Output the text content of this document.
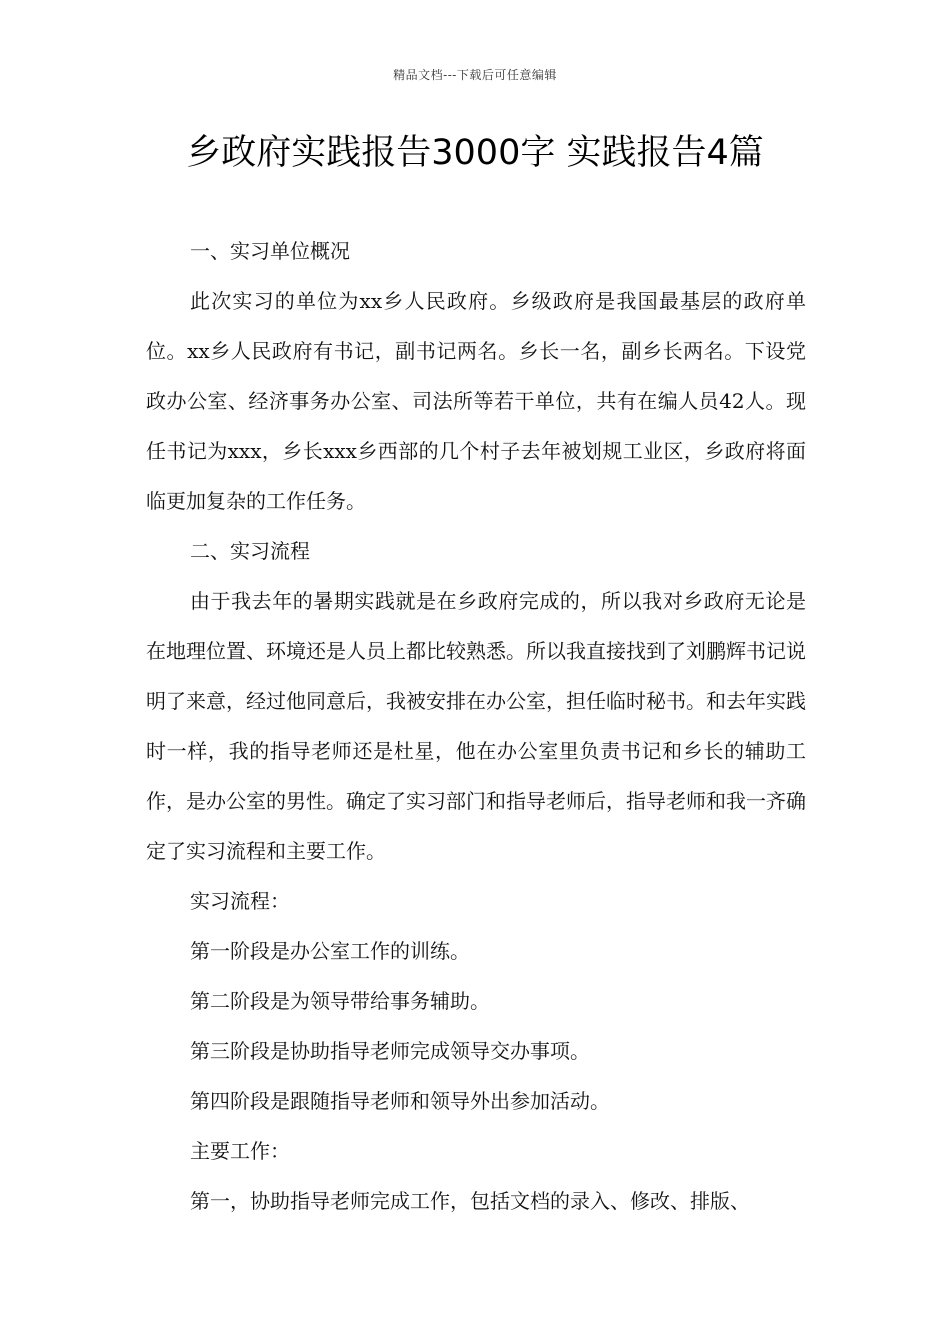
精品文档---下载后可任意编辑
乡政府实践报告3000字 实践报告4篇

一、实习单位概况

此次实习的单位为xx乡人民政府。乡级政府是我国最基层的政府单位。xx乡人民政府有书记，副书记两名。乡长一名，副乡长两名。下设党政办公室、经济事务办公室、司法所等若干单位，共有在编人员42人。现任书记为xxx，乡长xxx乡西部的几个村子去年被划规工业区，乡政府将面临更加复杂的工作任务。

二、实习流程

由于我去年的暑期实践就是在乡政府完成的，所以我对乡政府无论是在地理位置、环境还是人员上都比较熟悉。所以我直接找到了刘鹏辉书记说明了来意，经过他同意后，我被安排在办公室，担任临时秘书。和去年实践时一样，我的指导老师还是杜星，他在办公室里负责书记和乡长的辅助工作，是办公室的男性。确定了实习部门和指导老师后，指导老师和我一齐确定了实习流程和主要工作。

实习流程：

第一阶段是办公室工作的训练。

第二阶段是为领导带给事务辅助。

第三阶段是协助指导老师完成领导交办事项。

第四阶段是跟随指导老师和领导外出参加活动。

主要工作：

第一，协助指导老师完成工作，包括文档的录入、修改、排版、
